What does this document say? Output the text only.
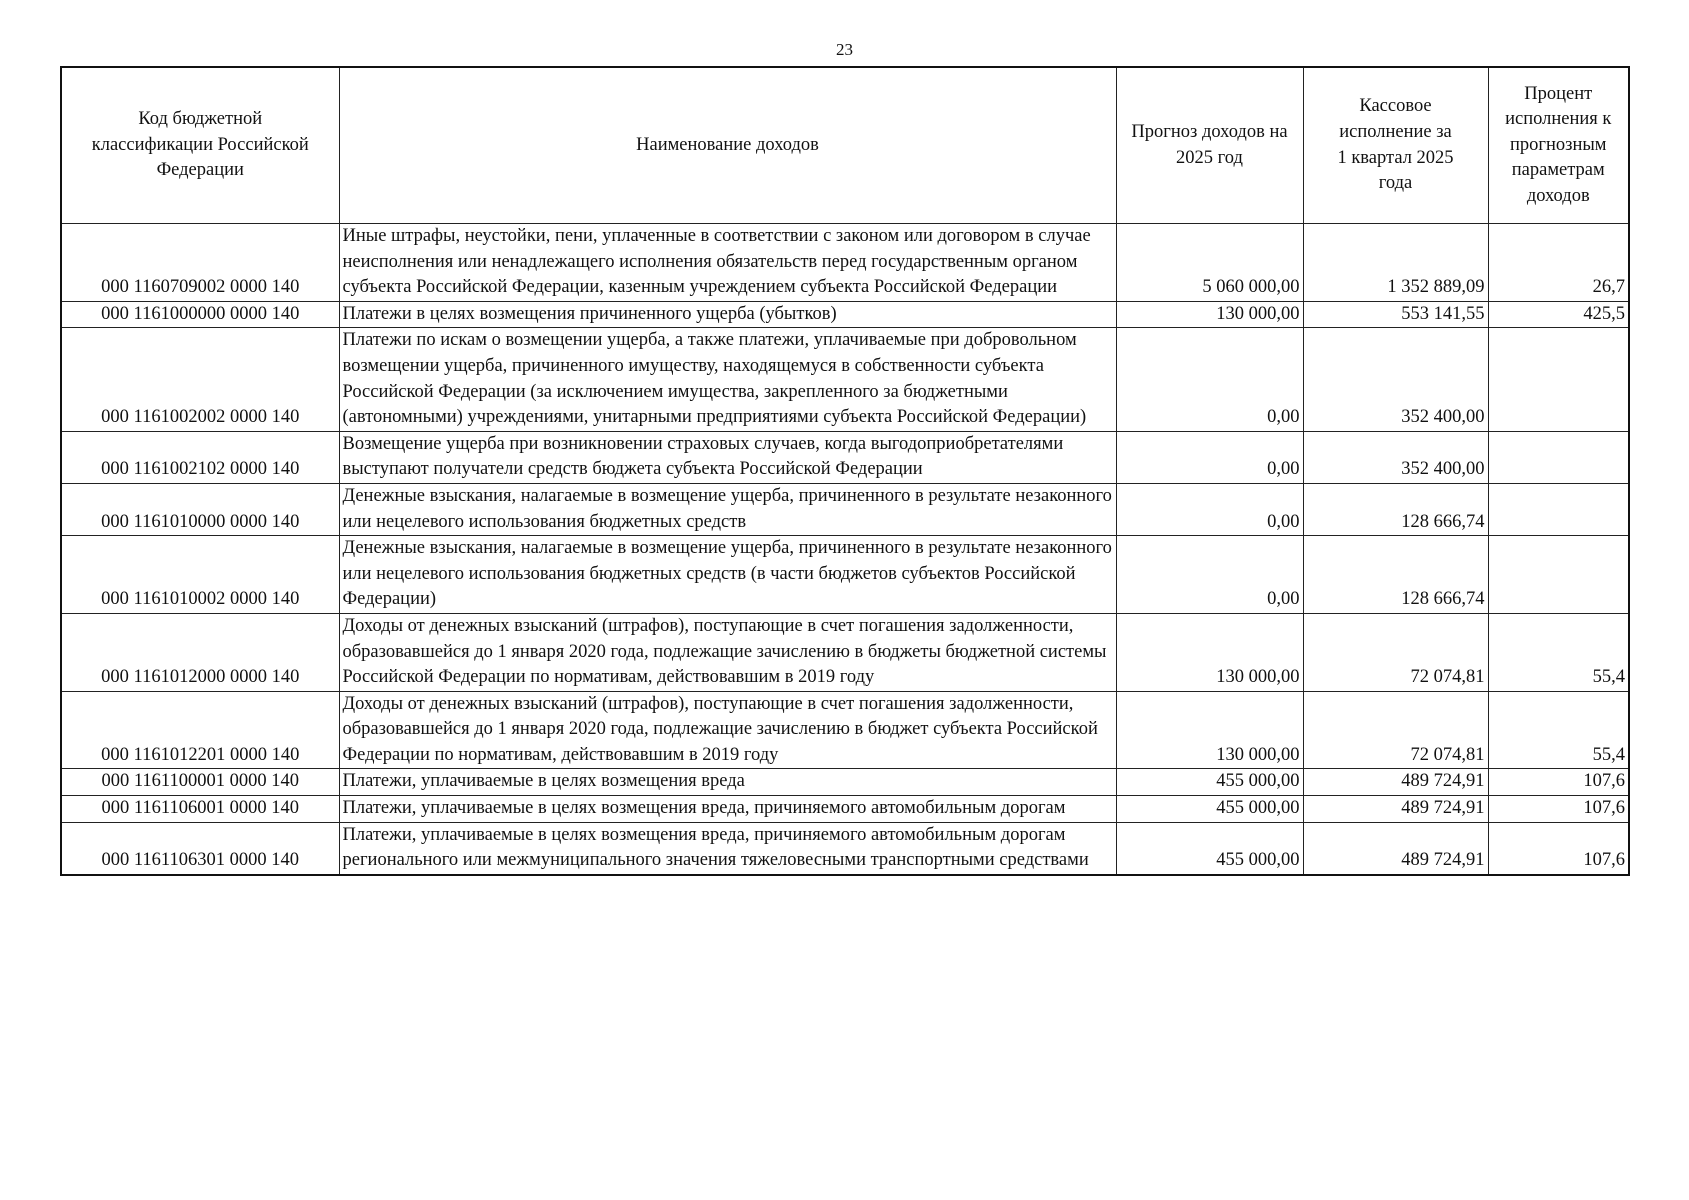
23
Код бюджетной классификации Российской Федерации	Наименование доходов	Прогноз доходов на 2025 год	Кассовое исполнение за 1 квартал 2025 года	Процент исполнения к прогнозным параметрам доходов
000 1160709002 0000 140	Иные штрафы, неустойки, пени, уплаченные в соответствии с законом или договором в случае неисполнения или ненадлежащего исполнения обязательств перед государственным органом субъекта Российской Федерации, казенным учреждением субъекта Российской Федерации	5 060 000,00	1 352 889,09	26,7
000 1161000000 0000 140	Платежи в целях возмещения причиненного ущерба (убытков)	130 000,00	553 141,55	425,5
000 1161002002 0000 140	Платежи по искам о возмещении ущерба, а также платежи, уплачиваемые при добровольном возмещении ущерба, причиненного имуществу, находящемуся в собственности субъекта Российской Федерации (за исключением имущества, закрепленного за бюджетными (автономными) учреждениями, унитарными предприятиями субъекта Российской Федерации)	0,00	352 400,00	
000 1161002102 0000 140	Возмещение ущерба при возникновении страховых случаев, когда выгодоприобретателями выступают получатели средств бюджета субъекта Российской Федерации	0,00	352 400,00	
000 1161010000 0000 140	Денежные взыскания, налагаемые в возмещение ущерба, причиненного в результате незаконного или нецелевого использования бюджетных средств	0,00	128 666,74	
000 1161010002 0000 140	Денежные взыскания, налагаемые в возмещение ущерба, причиненного в результате незаконного или нецелевого использования бюджетных средств (в части бюджетов субъектов Российской Федерации)	0,00	128 666,74	
000 1161012000 0000 140	Доходы от денежных взысканий (штрафов), поступающие в счет погашения задолженности, образовавшейся до 1 января 2020 года, подлежащие зачислению в бюджеты бюджетной системы Российской Федерации по нормативам, действовавшим в 2019 году	130 000,00	72 074,81	55,4
000 1161012201 0000 140	Доходы от денежных взысканий (штрафов), поступающие в счет погашения задолженности, образовавшейся до 1 января 2020 года, подлежащие зачислению в бюджет субъекта Российской Федерации по нормативам, действовавшим в 2019 году	130 000,00	72 074,81	55,4
000 1161100001 0000 140	Платежи, уплачиваемые в целях возмещения вреда	455 000,00	489 724,91	107,6
000 1161106001 0000 140	Платежи, уплачиваемые в целях возмещения вреда, причиняемого автомобильным дорогам	455 000,00	489 724,91	107,6
000 1161106301 0000 140	Платежи, уплачиваемые в целях возмещения вреда, причиняемого автомобильным дорогам регионального или межмуниципального значения тяжеловесными транспортными средствами	455 000,00	489 724,91	107,6
